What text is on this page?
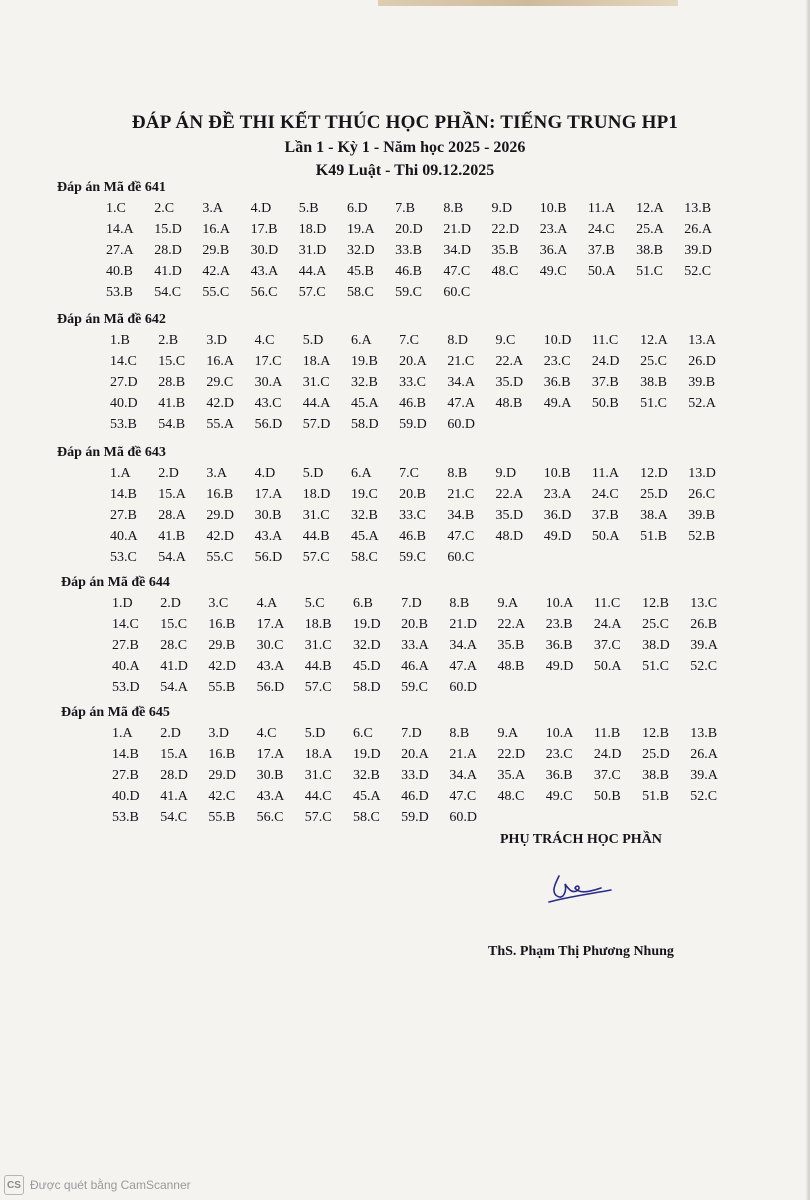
ĐÁP ÁN ĐỀ THI KẾT THÚC HỌC PHẦN: TIẾNG TRUNG HP1
Lần 1 - Kỳ 1 - Năm học 2025 - 2026
K49 Luật - Thi 09.12.2025
Đáp án Mã đề 641
1.C	2.C	3.A	4.D	5.B	6.D	7.B	8.B	9.D	10.B	11.A	12.A	13.B
14.A	15.D	16.A	17.B	18.D	19.A	20.D	21.D	22.D	23.A	24.C	25.A	26.A
27.A	28.D	29.B	30.D	31.D	32.D	33.B	34.D	35.B	36.A	37.B	38.B	39.D
40.B	41.D	42.A	43.A	44.A	45.B	46.B	47.C	48.C	49.C	50.A	51.C	52.C
53.B	54.C	55.C	56.C	57.C	58.C	59.C	60.C
Đáp án Mã đề 642
1.B	2.B	3.D	4.C	5.D	6.A	7.C	8.D	9.C	10.D	11.C	12.A	13.A
14.C	15.C	16.A	17.C	18.A	19.B	20.A	21.C	22.A	23.C	24.D	25.C	26.D
27.D	28.B	29.C	30.A	31.C	32.B	33.C	34.A	35.D	36.B	37.B	38.B	39.B
40.D	41.B	42.D	43.C	44.A	45.A	46.B	47.A	48.B	49.A	50.B	51.C	52.A
53.B	54.B	55.A	56.D	57.D	58.D	59.D	60.D
Đáp án Mã đề 643
1.A	2.D	3.A	4.D	5.D	6.A	7.C	8.B	9.D	10.B	11.A	12.D	13.D
14.B	15.A	16.B	17.A	18.D	19.C	20.B	21.C	22.A	23.A	24.C	25.D	26.C
27.B	28.A	29.D	30.B	31.C	32.B	33.C	34.B	35.D	36.D	37.B	38.A	39.B
40.A	41.B	42.D	43.A	44.B	45.A	46.B	47.C	48.D	49.D	50.A	51.B	52.B
53.C	54.A	55.C	56.D	57.C	58.C	59.C	60.C
Đáp án Mã đề 644
1.D	2.D	3.C	4.A	5.C	6.B	7.D	8.B	9.A	10.A	11.C	12.B	13.C
14.C	15.C	16.B	17.A	18.B	19.D	20.B	21.D	22.A	23.B	24.A	25.C	26.B
27.B	28.C	29.B	30.C	31.C	32.D	33.A	34.A	35.B	36.B	37.C	38.D	39.A
40.A	41.D	42.D	43.A	44.B	45.D	46.A	47.A	48.B	49.D	50.A	51.C	52.C
53.D	54.A	55.B	56.D	57.C	58.D	59.C	60.D
Đáp án Mã đề 645
1.A	2.D	3.D	4.C	5.D	6.C	7.D	8.B	9.A	10.A	11.B	12.B	13.B
14.B	15.A	16.B	17.A	18.A	19.D	20.A	21.A	22.D	23.C	24.D	25.D	26.A
27.B	28.D	29.D	30.B	31.C	32.B	33.D	34.A	35.A	36.B	37.C	38.B	39.A
40.D	41.A	42.C	43.A	44.C	45.A	46.D	47.C	48.C	49.C	50.B	51.B	52.C
53.B	54.C	55.B	56.C	57.C	58.C	59.D	60.D
PHỤ TRÁCH HỌC PHẦN
ThS. Phạm Thị Phương Nhung
CS Được quét bằng CamScanner
